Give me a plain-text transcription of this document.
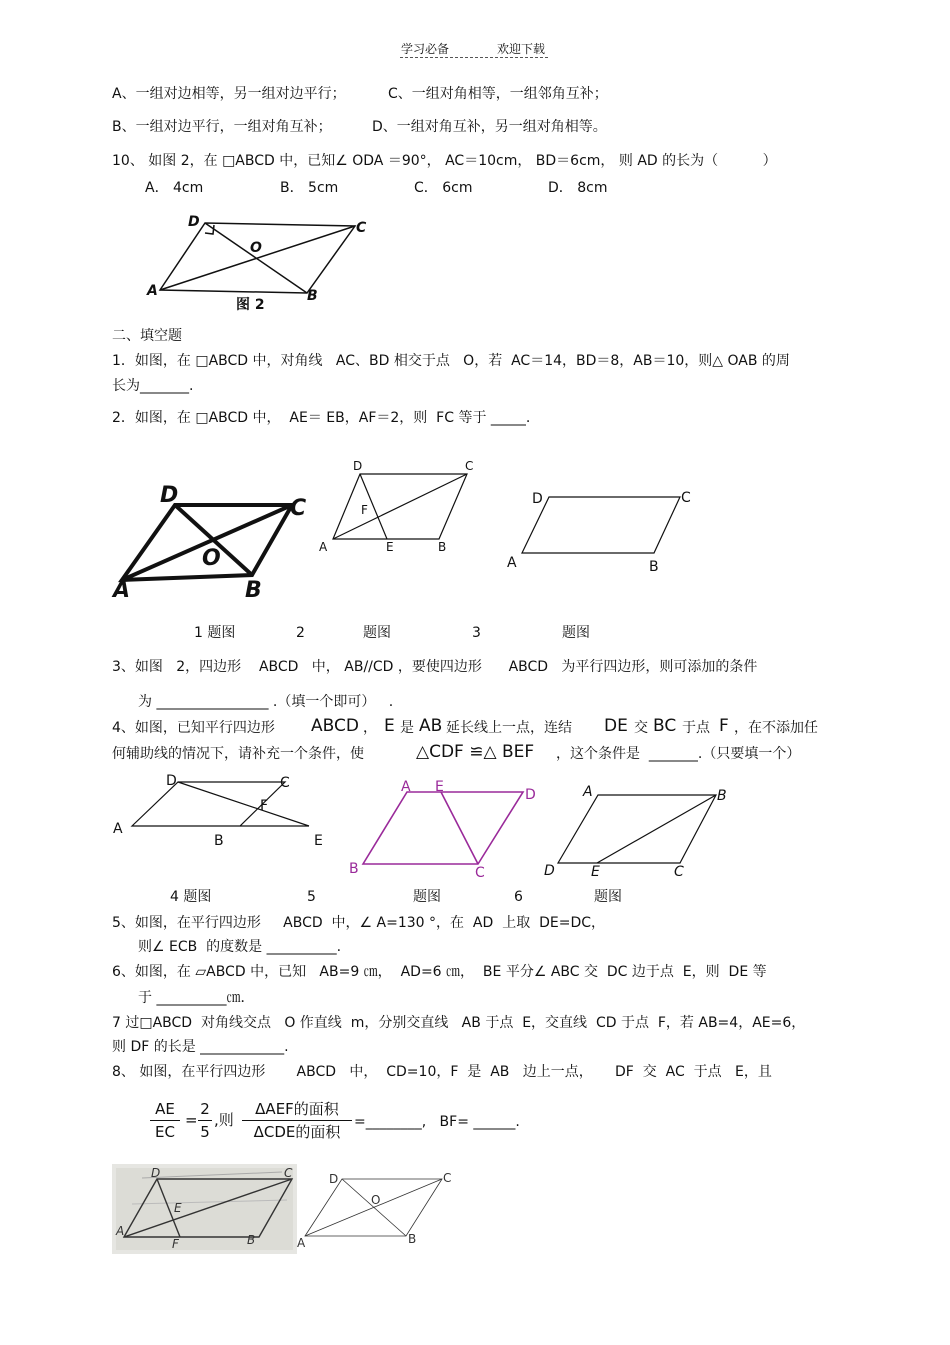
学习必备	欢迎下载
A、一组对边相等，另一组对边平行；	C、一组对角相等，一组邻角互补；
B、一组对边平行，一组对角互补；	D、一组对角互补，另一组对角相等。
10、 如图 2，在 □ABCD 中，已知∠ ODA ＝90°， AC＝10cm， BD＝6cm， 则 AD 的长为（          ）
A． 4cm	B． 5cm	C． 6cm	D． 8cm
D	C
O
A	B
图 2
二、填空题
1．如图，在 □ABCD 中，对角线   AC、BD 相交于点   O，若  AC＝14，BD＝8，AB＝10，则△ OAB 的周
长为_______.
2．如图，在 □ABCD 中，  AE＝ EB，AF＝2，则  FC 等于 _____.
D
C
O
A	B
D	C
F
A	E	B
D	C
A	B
1 题图	2	题图	3	题图
3、如图   2，四边形    ABCD   中， AB//CD ，要使四边形      ABCD   为平行四边形，则可添加的条件
为 ________________ .（填一个即可）   .
4、如图，已知平行四边形 ABCD ， E 是 AB 延长线上一点，连结 DE 交 BC 于点 F ，在不添加任
何辅助线的情况下，请补充一个条件，使	△CDF ≌△ BEF ，这个条件是  _______.（只要填一个）
D	C
F
A
B	E
A E	D
B	C
A	B
D	E	C
4 题图	5	题图	6	题图
5、如图，在平行四边形     ABCD  中，∠ A=130 °，在  AD  上取  DE=DC，
则∠ ECB  的度数是 __________.
6、如图，在 ▱ABCD 中，已知   AB=9 ㎝，  AD=6 ㎝，  BE 平分∠ ABC 交  DC 边于点  E，则  DE 等
于 __________㎝．
7 过□ABCD  对角线交点   O 作直线  m，分别交直线   AB 于点  E，交直线  CD 于点  F，若 AB=4，AE=6，
则 DF 的长是 ____________.
8、 如图，在平行四边形       ABCD   中，  CD=10，F  是  AB   边上一点，     DF  交  AC  于点   E，且
AE
EC
=
2
5
,则
ΔAEF的面积
ΔCDE的面积
=________,   BF= ______.
D	C
E
A
F	B
D	C
O
A	B
